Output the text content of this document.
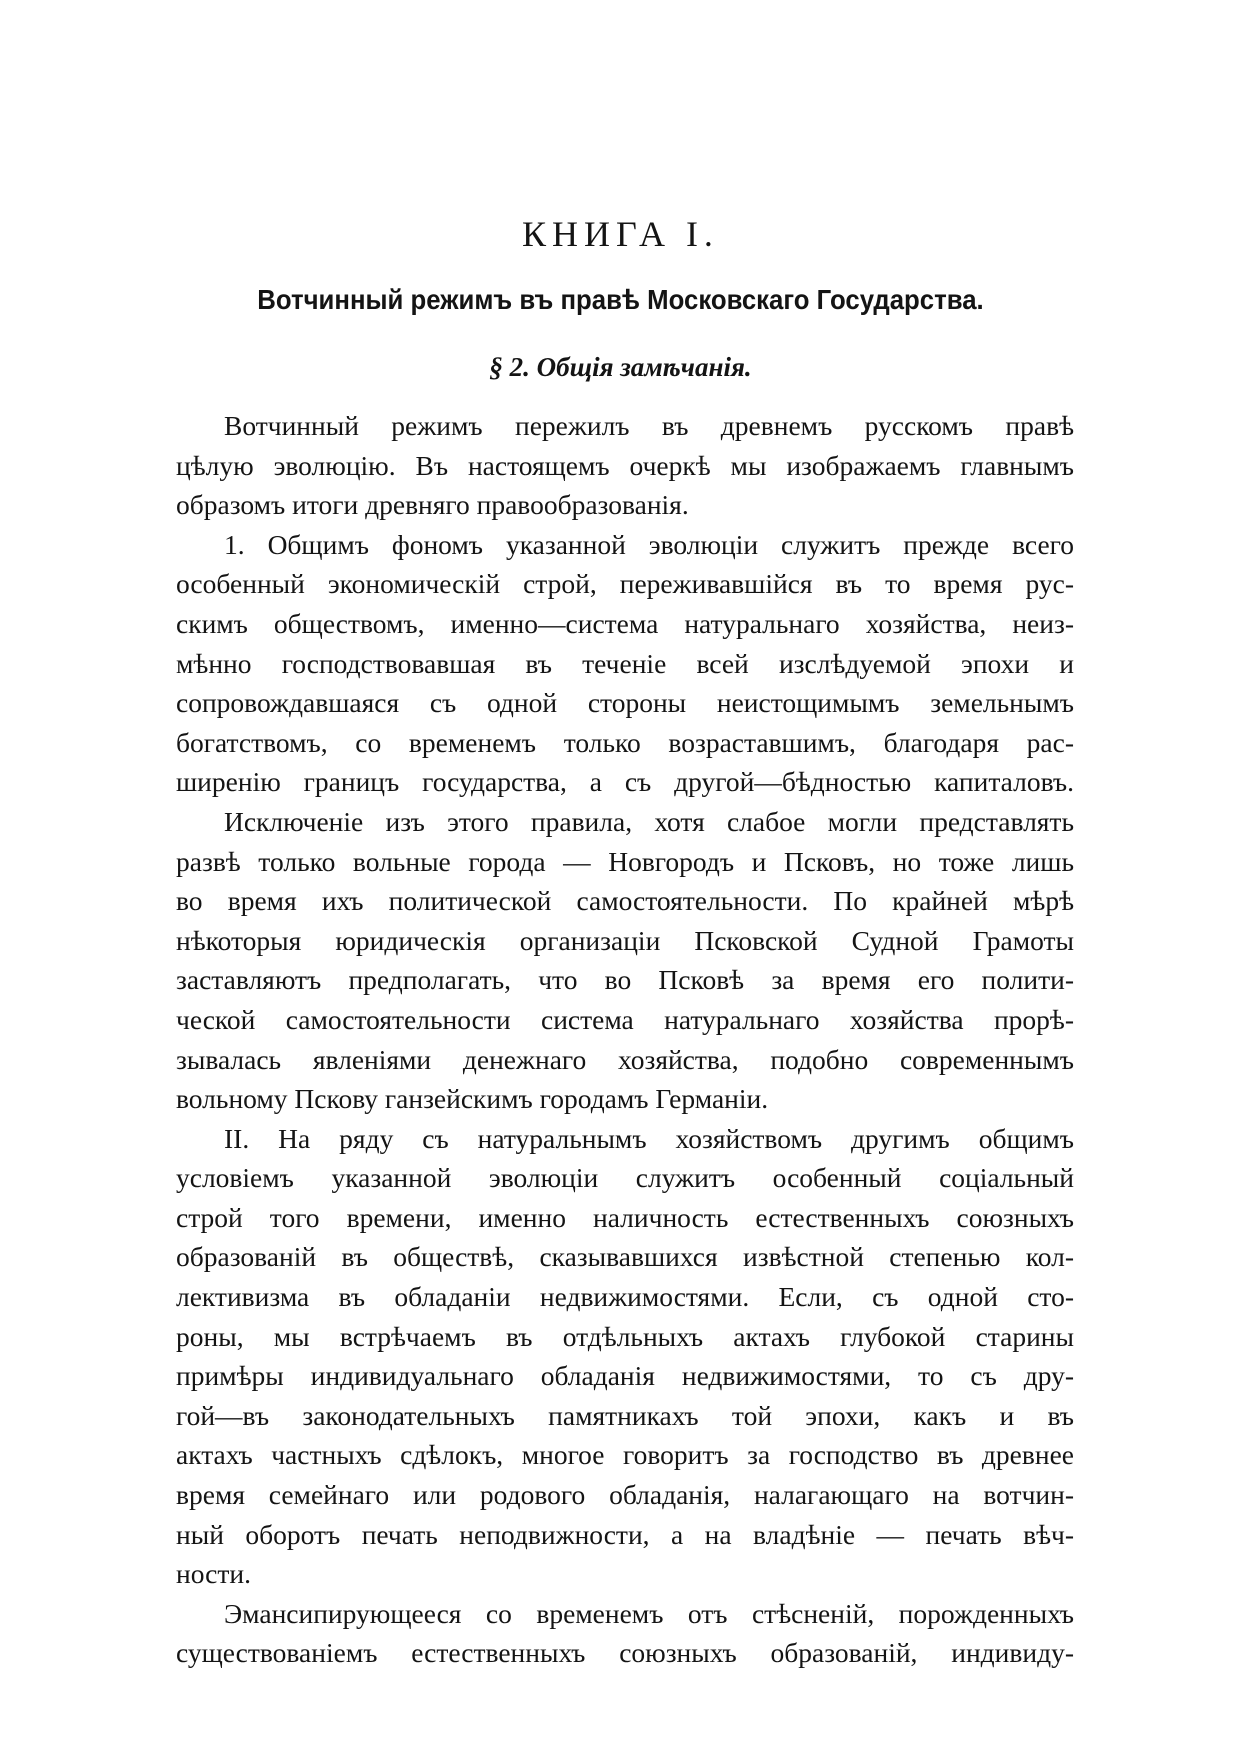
КНИГА I.
Вотчинный режимъ въ правѣ Московскаго Государства.
§ 2. Общія замѣчанія.
Вотчинный режимъ пережилъ въ древнемъ русскомъ правѣ
цѣлую эволюцію. Въ настоящемъ очеркѣ мы изображаемъ главнымъ
образомъ итоги древняго правообразованія.
1. Общимъ фономъ указанной эволюціи служитъ прежде всего
особенный экономическій строй, переживавшійся въ то время рус-
скимъ обществомъ, именно—система натуральнаго хозяйства, неиз-
мѣнно господствовавшая въ теченіе всей изслѣдуемой эпохи и
сопровождавшаяся съ одной стороны неистощимымъ земельнымъ
богатствомъ, со временемъ только возраставшимъ, благодаря рас-
ширенію границъ государства, а съ другой—бѣдностью капиталовъ.
Исключеніе изъ этого правила, хотя слабое могли представлять
развѣ только вольные города — Новгородъ и Псковъ, но тоже лишь
во время ихъ политической самостоятельности. По крайней мѣрѣ
нѣкоторыя юридическія организаціи Псковской Судной Грамоты
заставляютъ предполагать, что во Псковѣ за время его полити-
ческой самостоятельности система натуральнаго хозяйства прорѣ-
зывалась явленіями денежнаго хозяйства, подобно современнымъ
вольному Пскову ганзейскимъ городамъ Германіи.
II. На ряду съ натуральнымъ хозяйствомъ другимъ общимъ
условіемъ указанной эволюціи служитъ особенный соціальный
строй того времени, именно наличность естественныхъ союзныхъ
образованій въ обществѣ, сказывавшихся извѣстной степенью кол-
лективизма въ обладаніи недвижимостями. Если, съ одной сто-
роны, мы встрѣчаемъ въ отдѣльныхъ актахъ глубокой старины
примѣры индивидуальнаго обладанія недвижимостями, то съ дру-
гой—въ законодательныхъ памятникахъ той эпохи, какъ и въ
актахъ частныхъ сдѣлокъ, многое говоритъ за господство въ древнее
время семейнаго или родового обладанія, налагающаго на вотчин-
ный оборотъ печать неподвижности, а на владѣніе — печать вѣч-
ности.
Эмансипирующееся со временемъ отъ стѣсненій, порожденныхъ
существованіемъ естественныхъ союзныхъ образованій, индивиду-
